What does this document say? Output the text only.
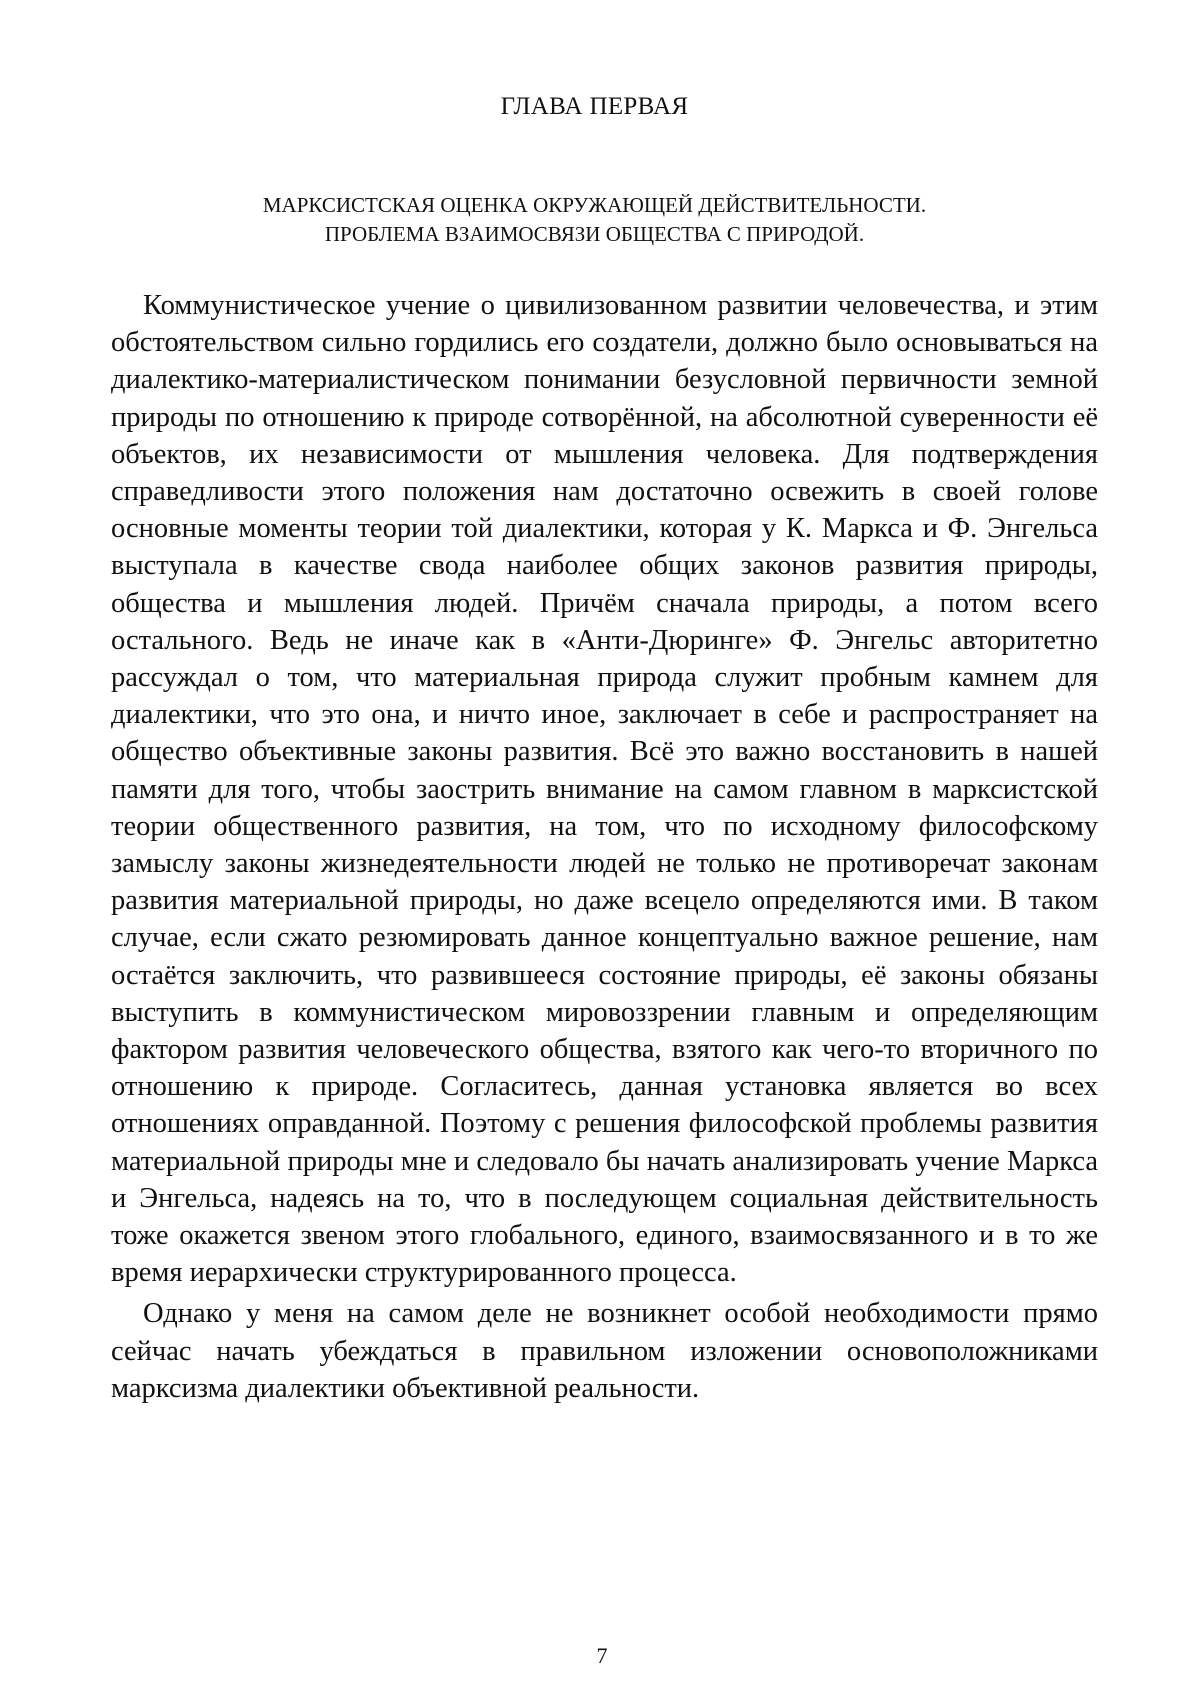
ГЛАВА ПЕРВАЯ
МАРКСИСТСКАЯ ОЦЕНКА ОКРУЖАЮЩЕЙ ДЕЙСТВИТЕЛЬНОСТИ.
ПРОБЛЕМА ВЗАИМОСВЯЗИ ОБЩЕСТВА С ПРИРОДОЙ.

Коммунистическое учение о цивилизованном развитии человечества, и этим обстоятельством сильно гордились его создатели, должно было основываться на диалектико-материалистическом понимании безусловной первичности земной природы по отношению к природе сотворённой, на абсолютной суверенности её объектов, их независимости от мышления человека. Для подтверждения справедливости этого положения нам достаточно освежить в своей голове основные моменты теории той диалектики, которая у К. Маркса и Ф. Энгельса выступала в качестве свода наиболее общих законов развития природы, общества и мышления людей. Причём сначала природы, а потом всего остального. Ведь не иначе как в «Анти-Дюринге» Ф. Энгельс авторитетно рассуждал о том, что материальная природа служит пробным камнем для диалектики, что это она, и ничто иное, заключает в себе и распространяет на общество объективные законы развития. Всё это важно восстановить в нашей памяти для того, чтобы заострить внимание на самом главном в марксистской теории общественного развития, на том, что по исходному философскому замыслу законы жизнедеятельности людей не только не противоречат законам развития материальной природы, но даже всецело определяются ими. В таком случае, если сжато резюмировать данное концептуально важное решение, нам остаётся заключить, что развившееся состояние природы, её законы обязаны выступить в коммунистическом мировоззрении главным и определяющим фактором развития человеческого общества, взятого как чего-то вторичного по отношению к природе. Согласитесь, данная установка является во всех отношениях оправданной. Поэтому с решения философской проблемы развития материальной природы мне и следовало бы начать анализировать учение Маркса и Энгельса, надеясь на то, что в последующем социальная действительность тоже окажется звеном этого глобального, единого, взаимосвязанного и в то же время иерархически структурированного процесса.

Однако у меня на самом деле не возникнет особой необходимости прямо сейчас начать убеждаться в правильном изложении основоположниками марксизма диалектики объективной реальности.

7
